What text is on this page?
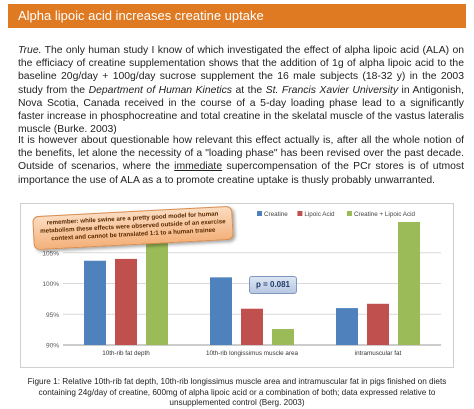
Alpha lipoic acid increases creatine uptake

True. The only human study I know of which investigated the effect of alpha lipoic acid (ALA) on the efficiacy of creatine supplementation shows that the addition of 1g of alpha lipoic acid to the baseline 20g/day + 100g/day sucrose supplement the 16 male subjects (18-32 y) in the 2003 study from the Department of Human Kinetics at the St. Francis Xavier University in Antigonish, Nova Scotia, Canada received in the course of a 5-day loading phase lead to a significantly faster increase in phosphocreatine and total creatine in the skelatal muscle of the vastus lateralis muscle (Burke. 2003)

It is however about questionable how relevant this effect actually is, after all the whole notion of the benefits, let alone the necessity of a "loading phase" has been revised over the past decade. Outside of scenarios, where the immediate supercompensation of the PCr stores is of utmost importance the use of ALA as a to promote creatine uptake is thusly probably unwarranted.

90%
95%
100%
105%
10th-rib fat depth	10th-rib longissimus muscle area	intramuscular fat
Creatine	Lipoic Acid	Creatine + Lipoic Acid
remember: while swine are a pretty good model for human metabolism these effects were observed outside of an exercise context and cannot be translated 1:1 to a human trainee
p = 0.081

Figure 1: Relative 10th-rib fat depth, 10th-rib longissimus muscle area and intramuscular fat in pigs finished on diets containing 24g/day of creatine, 600mg of alpha lipoic acid or a combination of both; data expressed relative to unsupplemented control (Berg. 2003)
